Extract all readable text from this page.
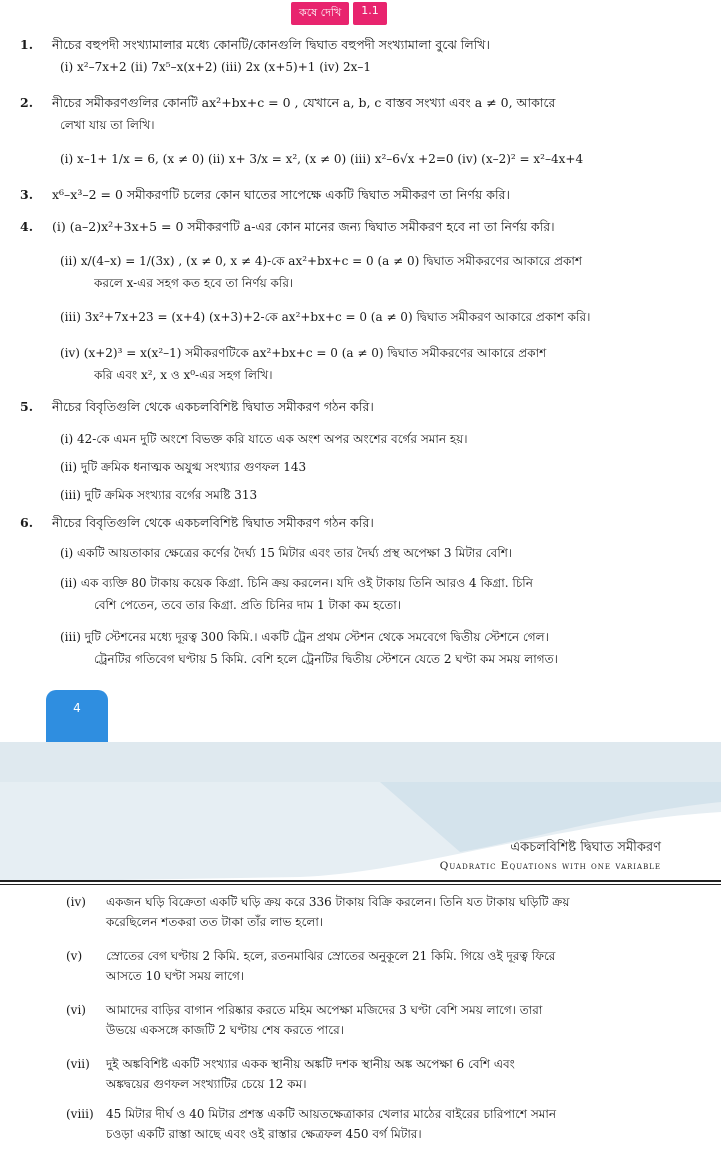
কষে দেখি	1.1
1. নীচের বহুপদী সংখ্যামালার মধ্যে কোনটি/কোনগুলি দ্বিঘাত বহুপদী সংখ্যামালা বুঝে লিখি।
(i) x²–7x+2 (ii) 7x⁵–x(x+2) (iii) 2x (x+5)+1 (iv) 2x–1
2. নীচের সমীকরণগুলির কোনটি ax²+bx+c = 0 , যেখানে a, b, c বাস্তব সংখ্যা এবং a ≠ 0, আকারে
লেখা যায় তা লিখি।
(i) x–1+ 1/x = 6, (x ≠ 0) (ii) x+ 3/x = x², (x ≠ 0) (iii) x²–6√x +2=0 (iv) (x–2)² = x²–4x+4
3. x⁶–x³–2 = 0 সমীকরণটি চলের কোন ঘাতের সাপেক্ষে একটি দ্বিঘাত সমীকরণ তা নির্ণয় করি।
4. (i) (a–2)x²+3x+5 = 0 সমীকরণটি a-এর কোন মানের জন্য দ্বিঘাত সমীকরণ হবে না তা নির্ণয় করি।
(ii) x/(4–x) = 1/(3x) , (x ≠ 0, x ≠ 4)-কে ax²+bx+c = 0 (a ≠ 0) দ্বিঘাত সমীকরণের আকারে প্রকাশ
করলে x-এর সহগ কত হবে তা নির্ণয় করি।
(iii) 3x²+7x+23 = (x+4) (x+3)+2-কে ax²+bx+c = 0 (a ≠ 0) দ্বিঘাত সমীকরণ আকারে প্রকাশ করি।
(iv) (x+2)³ = x(x²–1) সমীকরণটিকে ax²+bx+c = 0 (a ≠ 0) দ্বিঘাত সমীকরণের আকারে প্রকাশ
করি এবং x², x ও x⁰-এর সহগ লিখি।
5. নীচের বিবৃতিগুলি থেকে একচলবিশিষ্ট দ্বিঘাত সমীকরণ গঠন করি।
(i) 42-কে এমন দুটি অংশে বিভক্ত করি যাতে এক অংশ অপর অংশের বর্গের সমান হয়।
(ii) দুটি ক্রমিক ধনাত্মক অযুগ্ম সংখ্যার গুণফল 143
(iii) দুটি ক্রমিক সংখ্যার বর্গের সমষ্টি 313
6. নীচের বিবৃতিগুলি থেকে একচলবিশিষ্ট দ্বিঘাত সমীকরণ গঠন করি।
(i) একটি আয়তাকার ক্ষেত্রের কর্ণের দৈর্ঘ্য 15 মিটার এবং তার দৈর্ঘ্য প্রস্থ অপেক্ষা 3 মিটার বেশি।
(ii) এক ব্যক্তি 80 টাকায় কয়েক কিগ্রা. চিনি ক্রয় করলেন। যদি ওই টাকায় তিনি আরও 4 কিগ্রা. চিনি
বেশি পেতেন, তবে তার কিগ্রা. প্রতি চিনির দাম 1 টাকা কম হতো।
(iii) দুটি স্টেশনের মধ্যে দূরত্ব 300 কিমি.। একটি ট্রেন প্রথম স্টেশন থেকে সমবেগে দ্বিতীয় স্টেশনে গেল।
ট্রেনটির গতিবেগ ঘণ্টায় 5 কিমি. বেশি হলে ট্রেনটির দ্বিতীয় স্টেশনে যেতে 2 ঘণ্টা কম সময় লাগত।
4
একচলবিশিষ্ট দ্বিঘাত সমীকরণ
Quadratic Equations with one variable
(iv) একজন ঘড়ি বিক্রেতা একটি ঘড়ি ক্রয় করে 336 টাকায় বিক্রি করলেন। তিনি যত টাকায় ঘড়িটি ক্রয়
করেছিলেন শতকরা তত টাকা তাঁর লাভ হলো।
(v) স্রোতের বেগ ঘণ্টায় 2 কিমি. হলে, রতনমাঝির স্রোতের অনুকূলে 21 কিমি. গিয়ে ওই দূরত্ব ফিরে
আসতে 10 ঘণ্টা সময় লাগে।
(vi) আমাদের বাড়ির বাগান পরিষ্কার করতে মহিম অপেক্ষা মজিদের 3 ঘণ্টা বেশি সময় লাগে। তারা
উভয়ে একসঙ্গে কাজটি 2 ঘণ্টায় শেষ করতে পারে।
(vii) দুই অঙ্কবিশিষ্ট একটি সংখ্যার একক স্থানীয় অঙ্কটি দশক স্থানীয় অঙ্ক অপেক্ষা 6 বেশি এবং
অঙ্কদ্বয়ের গুণফল সংখ্যাটির চেয়ে 12 কম।
(viii) 45 মিটার দীর্ঘ ও 40 মিটার প্রশস্ত একটি আয়তক্ষেত্রাকার খেলার মাঠের বাইরের চারিপাশে সমান
চওড়া একটি রাস্তা আছে এবং ওই রাস্তার ক্ষেত্রফল 450 বর্গ মিটার।
